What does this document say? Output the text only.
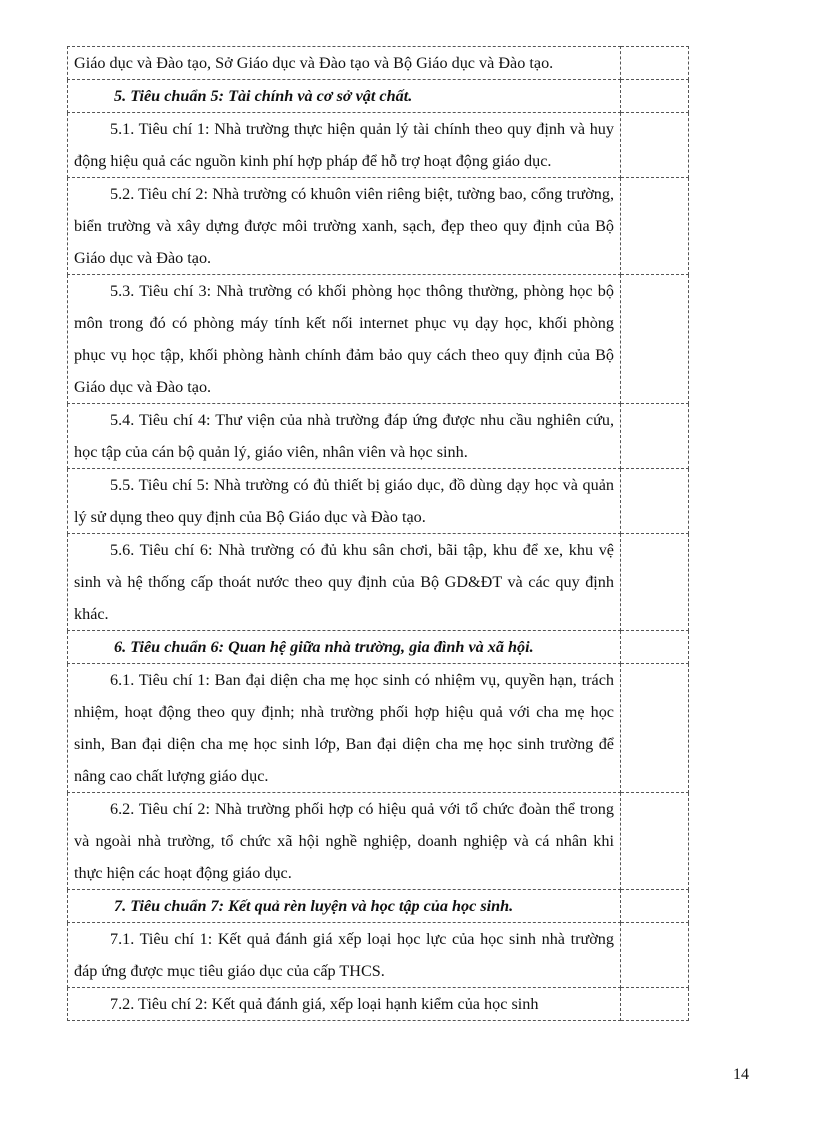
Giáo dục và Đào tạo, Sở Giáo dục và Đào tạo và Bộ Giáo dục và Đào tạo.	

5. Tiêu chuẩn 5: Tài chính và cơ sở vật chất.	

5.1. Tiêu chí 1: Nhà trường thực hiện quản lý tài chính theo quy định và huy động hiệu quả các nguồn kinh phí hợp pháp để hỗ trợ hoạt động giáo dục.	

5.2. Tiêu chí 2: Nhà trường có khuôn viên riêng biệt, tường bao, cổng trường, biển trường và xây dựng được môi trường xanh, sạch, đẹp theo quy định của Bộ Giáo dục và Đào tạo.	

5.3. Tiêu chí 3: Nhà trường có khối phòng học thông thường, phòng học bộ môn trong đó có phòng máy tính kết nối internet phục vụ dạy học, khối phòng phục vụ học tập, khối phòng hành chính đảm bảo quy cách theo quy định của Bộ Giáo dục và Đào tạo.	

5.4. Tiêu chí 4: Thư viện của nhà trường đáp ứng được nhu cầu nghiên cứu, học tập của cán bộ quản lý, giáo viên, nhân viên và học sinh.	

5.5. Tiêu chí 5: Nhà trường có đủ thiết bị giáo dục, đồ dùng dạy học và quản lý sử dụng theo quy định của Bộ Giáo dục và Đào tạo.	

5.6. Tiêu chí 6: Nhà trường có đủ khu sân chơi, bãi tập, khu để xe, khu vệ sinh và hệ thống cấp thoát nước theo quy định của Bộ GD&ĐT và các quy định khác.	

6. Tiêu chuẩn 6: Quan hệ giữa nhà trường, gia đình và xã hội.	

6.1. Tiêu chí 1: Ban đại diện cha mẹ học sinh có nhiệm vụ, quyền hạn, trách nhiệm, hoạt động theo quy định; nhà trường phối hợp hiệu quả với cha mẹ học sinh, Ban đại diện cha mẹ học sinh lớp, Ban đại diện cha mẹ học sinh trường để nâng cao chất lượng giáo dục.	

6.2. Tiêu chí 2: Nhà trường phối hợp có hiệu quả với tổ chức đoàn thể trong và ngoài nhà trường, tổ chức xã hội nghề nghiệp, doanh nghiệp và cá nhân khi thực hiện các hoạt động giáo dục.	

7. Tiêu chuẩn 7: Kết quả rèn luyện và học tập của học sinh.	

7.1. Tiêu chí 1: Kết quả đánh giá xếp loại học lực của học sinh nhà trường đáp ứng được mục tiêu giáo dục của cấp THCS.	

7.2. Tiêu chí 2: Kết quả đánh giá, xếp loại hạnh kiểm của học sinh	

14
